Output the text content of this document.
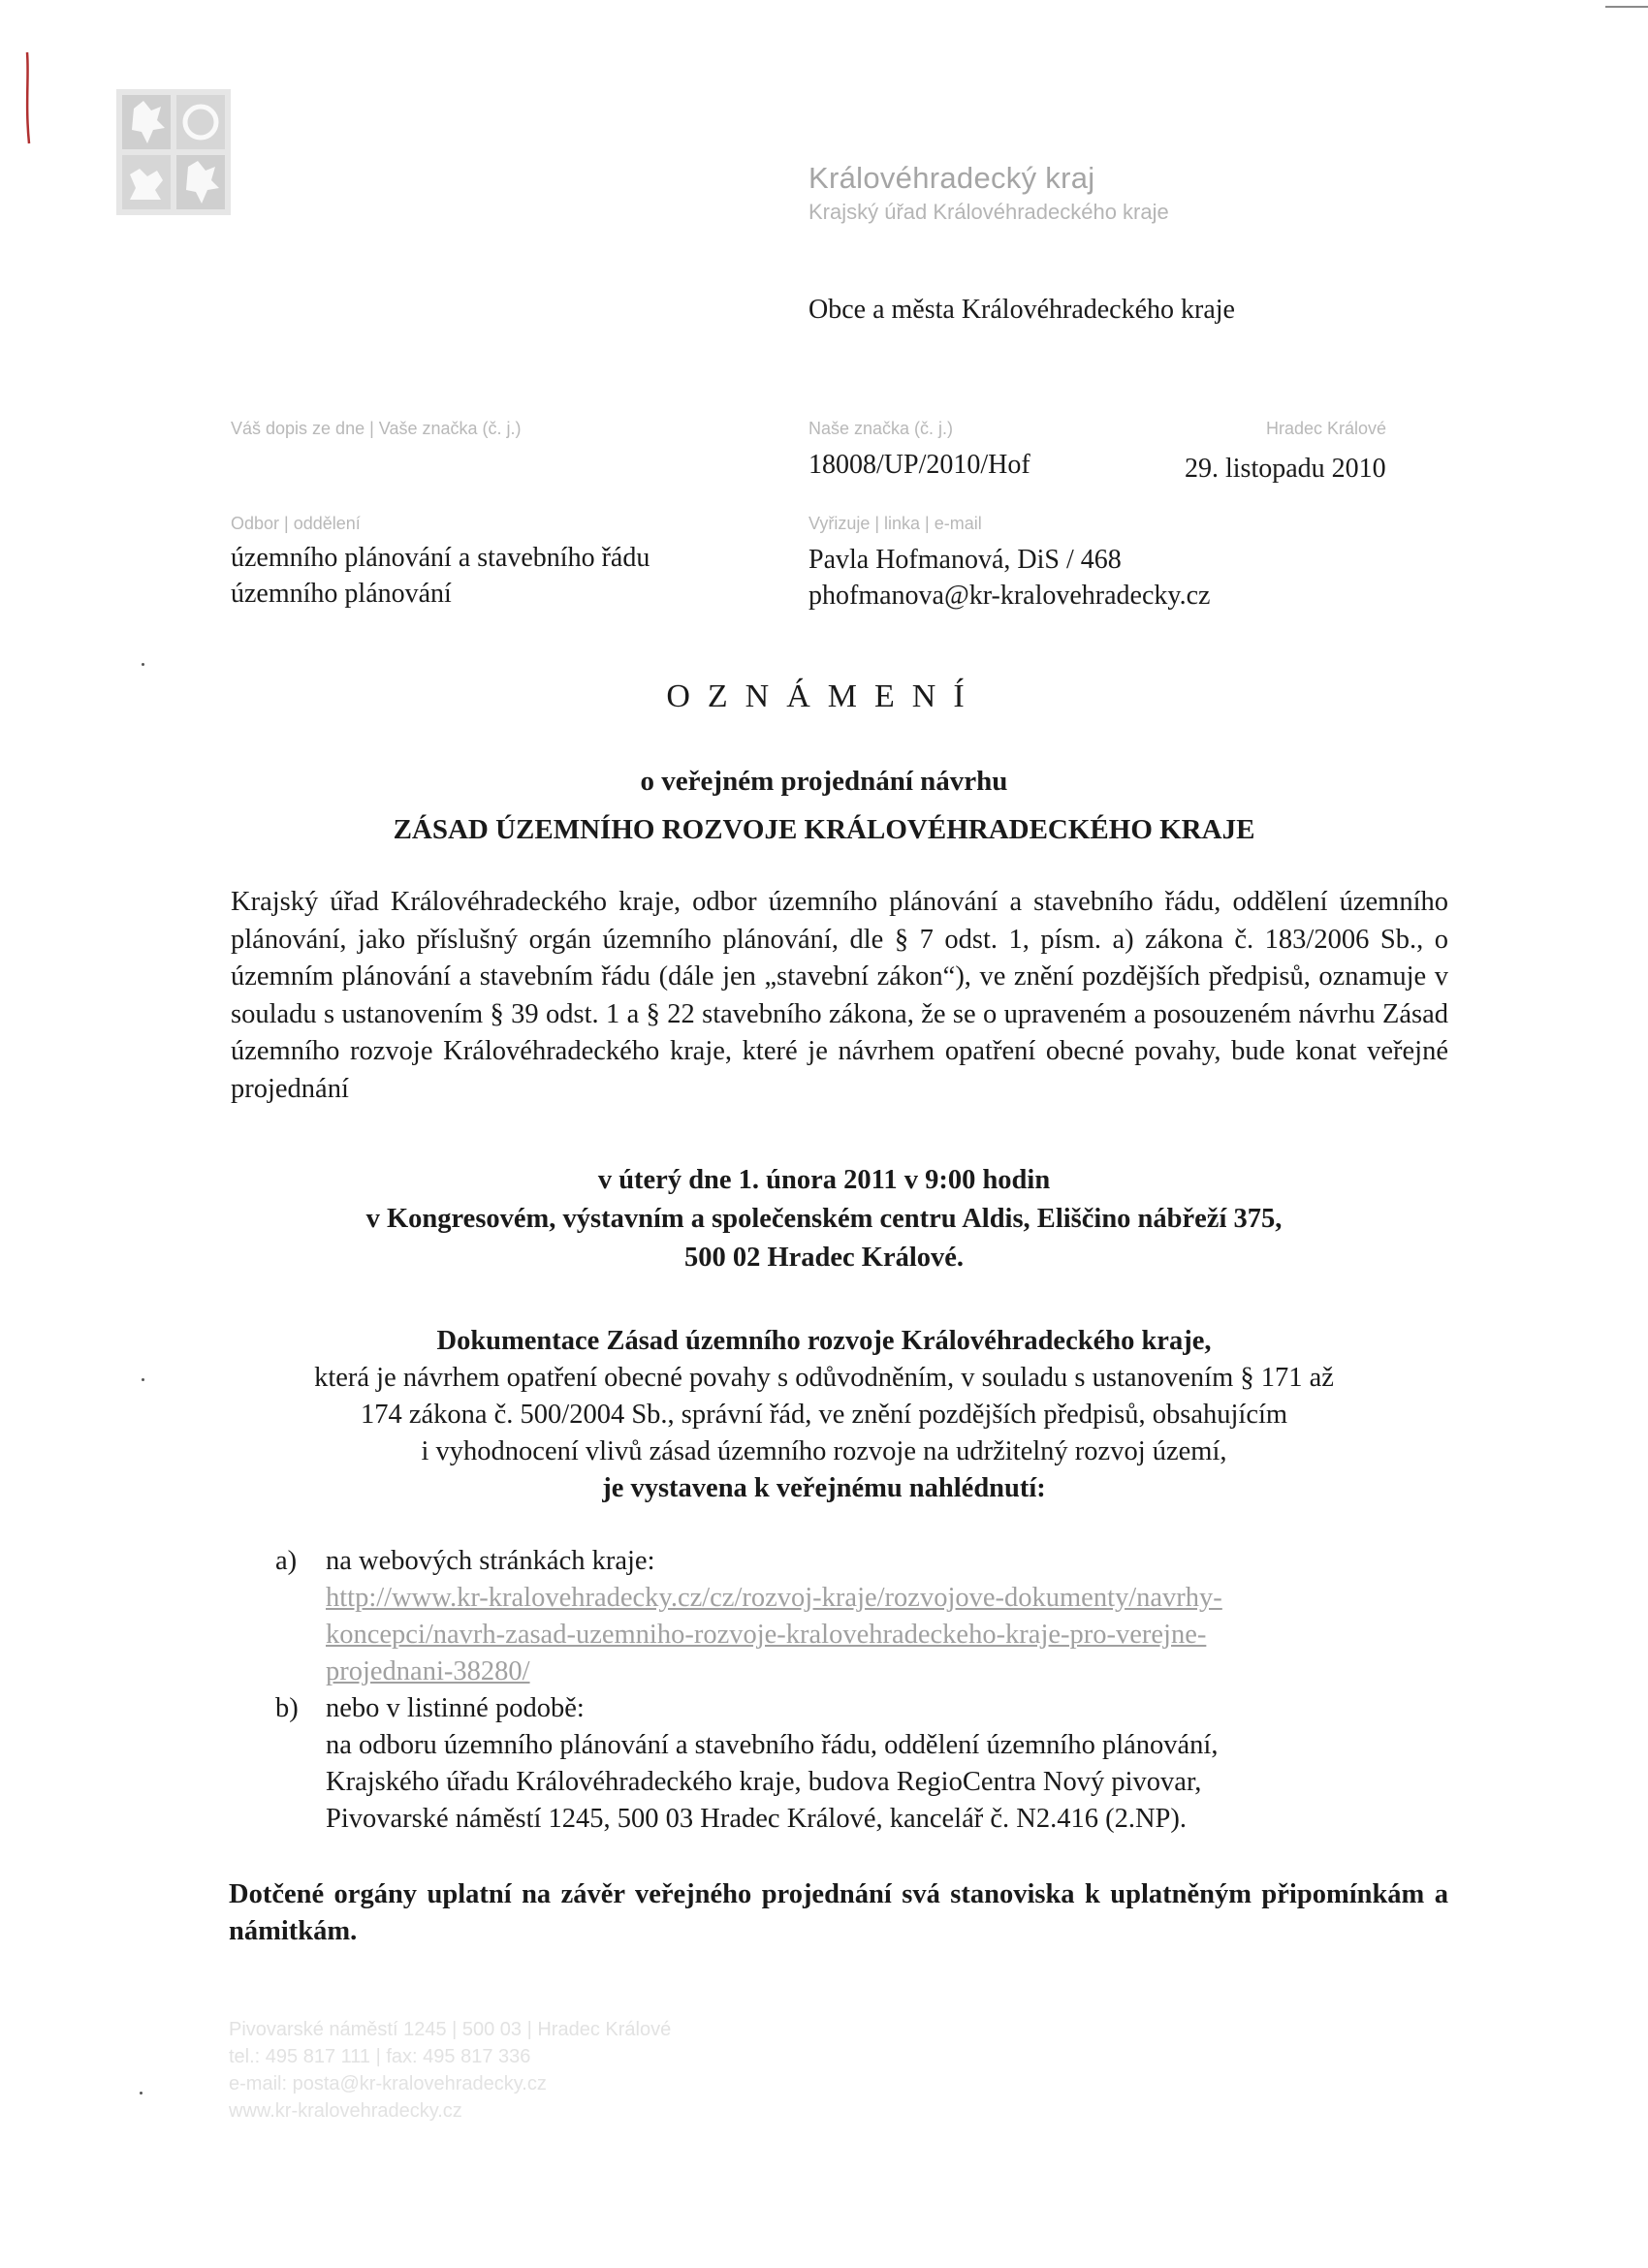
Královéhradecký kraj
Krajský úřad Královéhradeckého kraje
Obce a města Královéhradeckého kraje
Váš dopis ze dne | Vaše značka (č. j.)	Naše značka (č. j.)
18008/UP/2010/Hof
Hradec Králové
29. listopadu 2010
Odbor | oddělení
územního plánování a stavebního řádu
územního plánování
Vyřizuje | linka | e-mail
Pavla Hofmanová, DiS / 468
phofmanova@kr-kralovehradecky.cz
OZNÁMENÍ
o veřejném projednání návrhu
ZÁSAD ÚZEMNÍHO ROZVOJE KRÁLOVÉHRADECKÉHO KRAJE
Krajský úřad Královéhradeckého kraje, odbor územního plánování a stavebního řádu, oddělení územního plánování, jako příslušný orgán územního plánování, dle § 7 odst. 1, písm. a) zákona č. 183/2006 Sb., o územním plánování a stavebním řádu (dále jen „stavební zákon“), ve znění pozdějších předpisů, oznamuje v souladu s ustanovením § 39 odst. 1 a § 22 stavebního zákona, že se o upraveném a posouzeném návrhu Zásad územního rozvoje Královéhradeckého kraje, které je návrhem opatření obecné povahy, bude konat veřejné projednání
v úterý dne 1. února 2011 v 9:00 hodin
v Kongresovém, výstavním a společenském centru Aldis, Eliščino nábřeží 375,
500 02 Hradec Králové.
Dokumentace Zásad územního rozvoje Královéhradeckého kraje,
která je návrhem opatření obecné povahy s odůvodněním, v souladu s ustanovením § 171 až
174 zákona č. 500/2004 Sb., správní řád, ve znění pozdějších předpisů, obsahujícím
i vyhodnocení vlivů zásad územního rozvoje na udržitelný rozvoj území,
je vystavena k veřejnému nahlédnutí:
a) na webových stránkách kraje:
http://www.kr-kralovehradecky.cz/cz/rozvoj-kraje/rozvojove-dokumenty/navrhy-
koncepci/navrh-zasad-uzemniho-rozvoje-kralovehradeckeho-kraje-pro-verejne-
projednani-38280/
b) nebo v listinné podobě:
na odboru územního plánování a stavebního řádu, oddělení územního plánování,
Krajského úřadu Královéhradeckého kraje, budova RegioCentra Nový pivovar,
Pivovarské náměstí 1245, 500 03 Hradec Králové, kancelář č. N2.416 (2.NP).
Dotčené orgány uplatní na závěr veřejného projednání svá stanoviska k uplatněným připomínkám a námitkám.
Pivovarské náměstí 1245 | 500 03 | Hradec Králové
tel.: 495 817 111 | fax: 495 817 336
e-mail: posta@kr-kralovehradecky.cz
www.kr-kralovehradecky.cz
